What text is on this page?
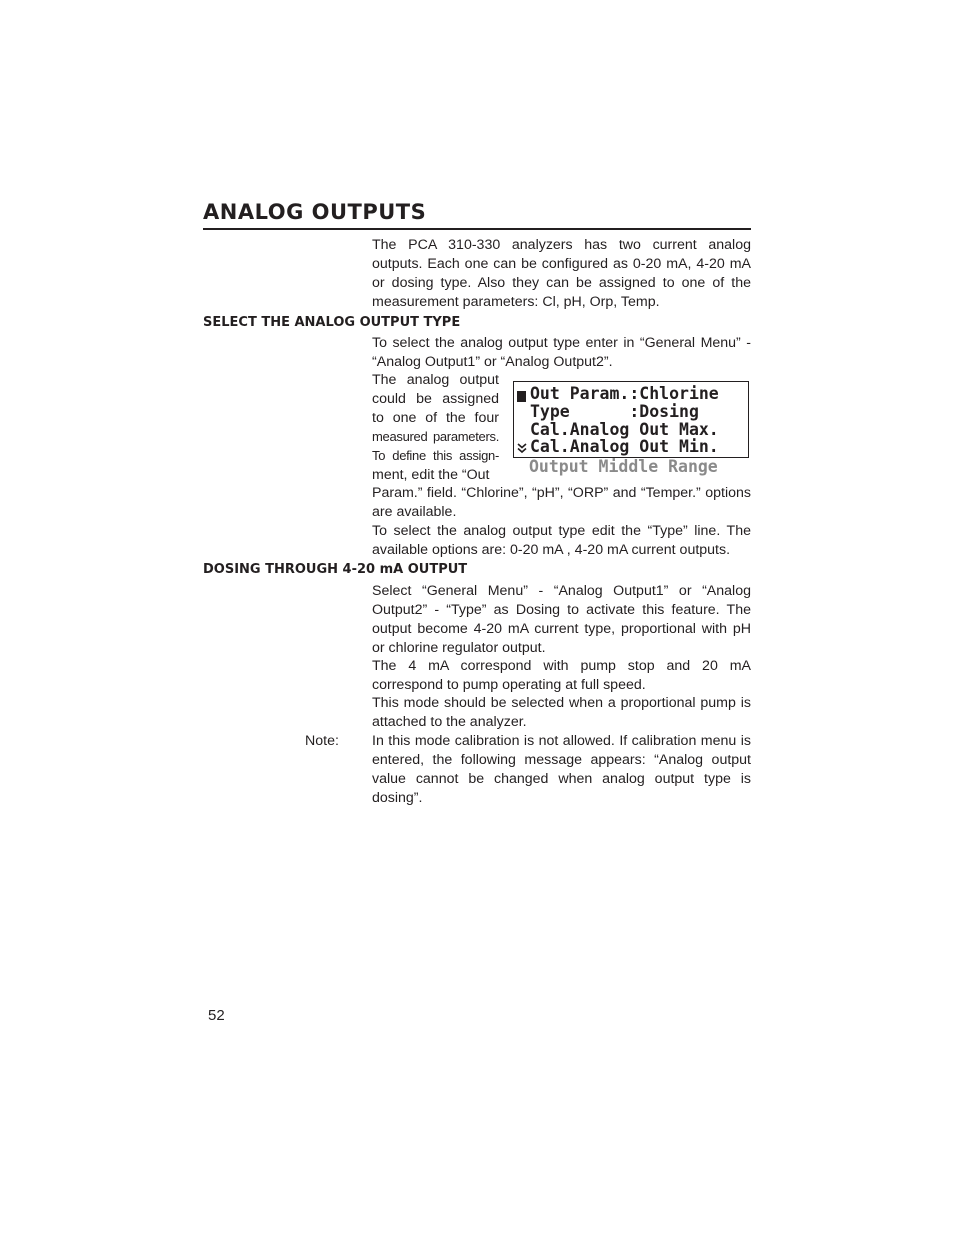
ANALOG OUTPUTS

The PCA 310-330 analyzers has two current analog outputs. Each one can be configured as 0-20 mA, 4-20 mA or dosing type. Also they can be assigned to one of the measurement parameters: Cl, pH, Orp, Temp.

SELECT THE ANALOG OUTPUT TYPE

To select the analog output type enter in “General Menu” - “Analog Output1” or “Analog Output2”.

The analog output could be assigned to one of the four measured parameters. To define this assign- ment, edit the “Out

Param.” field. “Chlorine”, “pH”, “ORP” and “Temper.” options are available.

To select the analog output type edit the “Type” line. The available options are: 0-20 mA , 4-20 mA current outputs.

Out Param.:Chlorine
Type      :Dosing
Cal.Analog Out Max.
Cal.Analog Out Min.
Output Middle Range
DOSING THROUGH 4-20 mA OUTPUT

Select “General Menu” - “Analog Output1” or “Analog Output2” - “Type” as Dosing to activate this feature. The output become 4-20 mA current type, proportional with pH or chlorine regulator output.

The 4 mA correspond with pump stop and 20 mA correspond to pump operating at full speed.

This mode should be selected when a proportional pump is attached to the analyzer.

Note: In this mode calibration is not allowed. If calibration menu is entered, the following message appears: “Analog output value cannot be changed when analog output type is dosing”.

52
